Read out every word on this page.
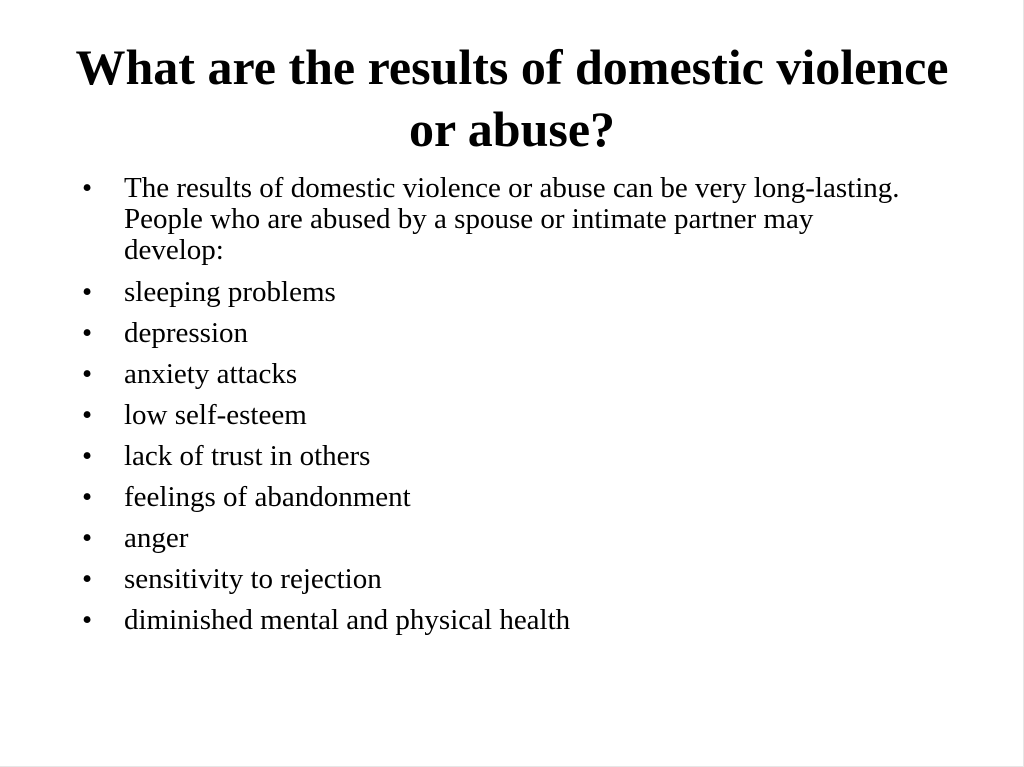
What are the results of domestic violence or abuse?
•	The results of domestic violence or abuse can be very long-lasting. People who are abused by a spouse or intimate partner may develop:
•	sleeping problems
•	depression
•	anxiety attacks
•	low self-esteem
•	lack of trust in others
•	feelings of abandonment
•	anger
•	sensitivity to rejection
•	diminished mental and physical health
